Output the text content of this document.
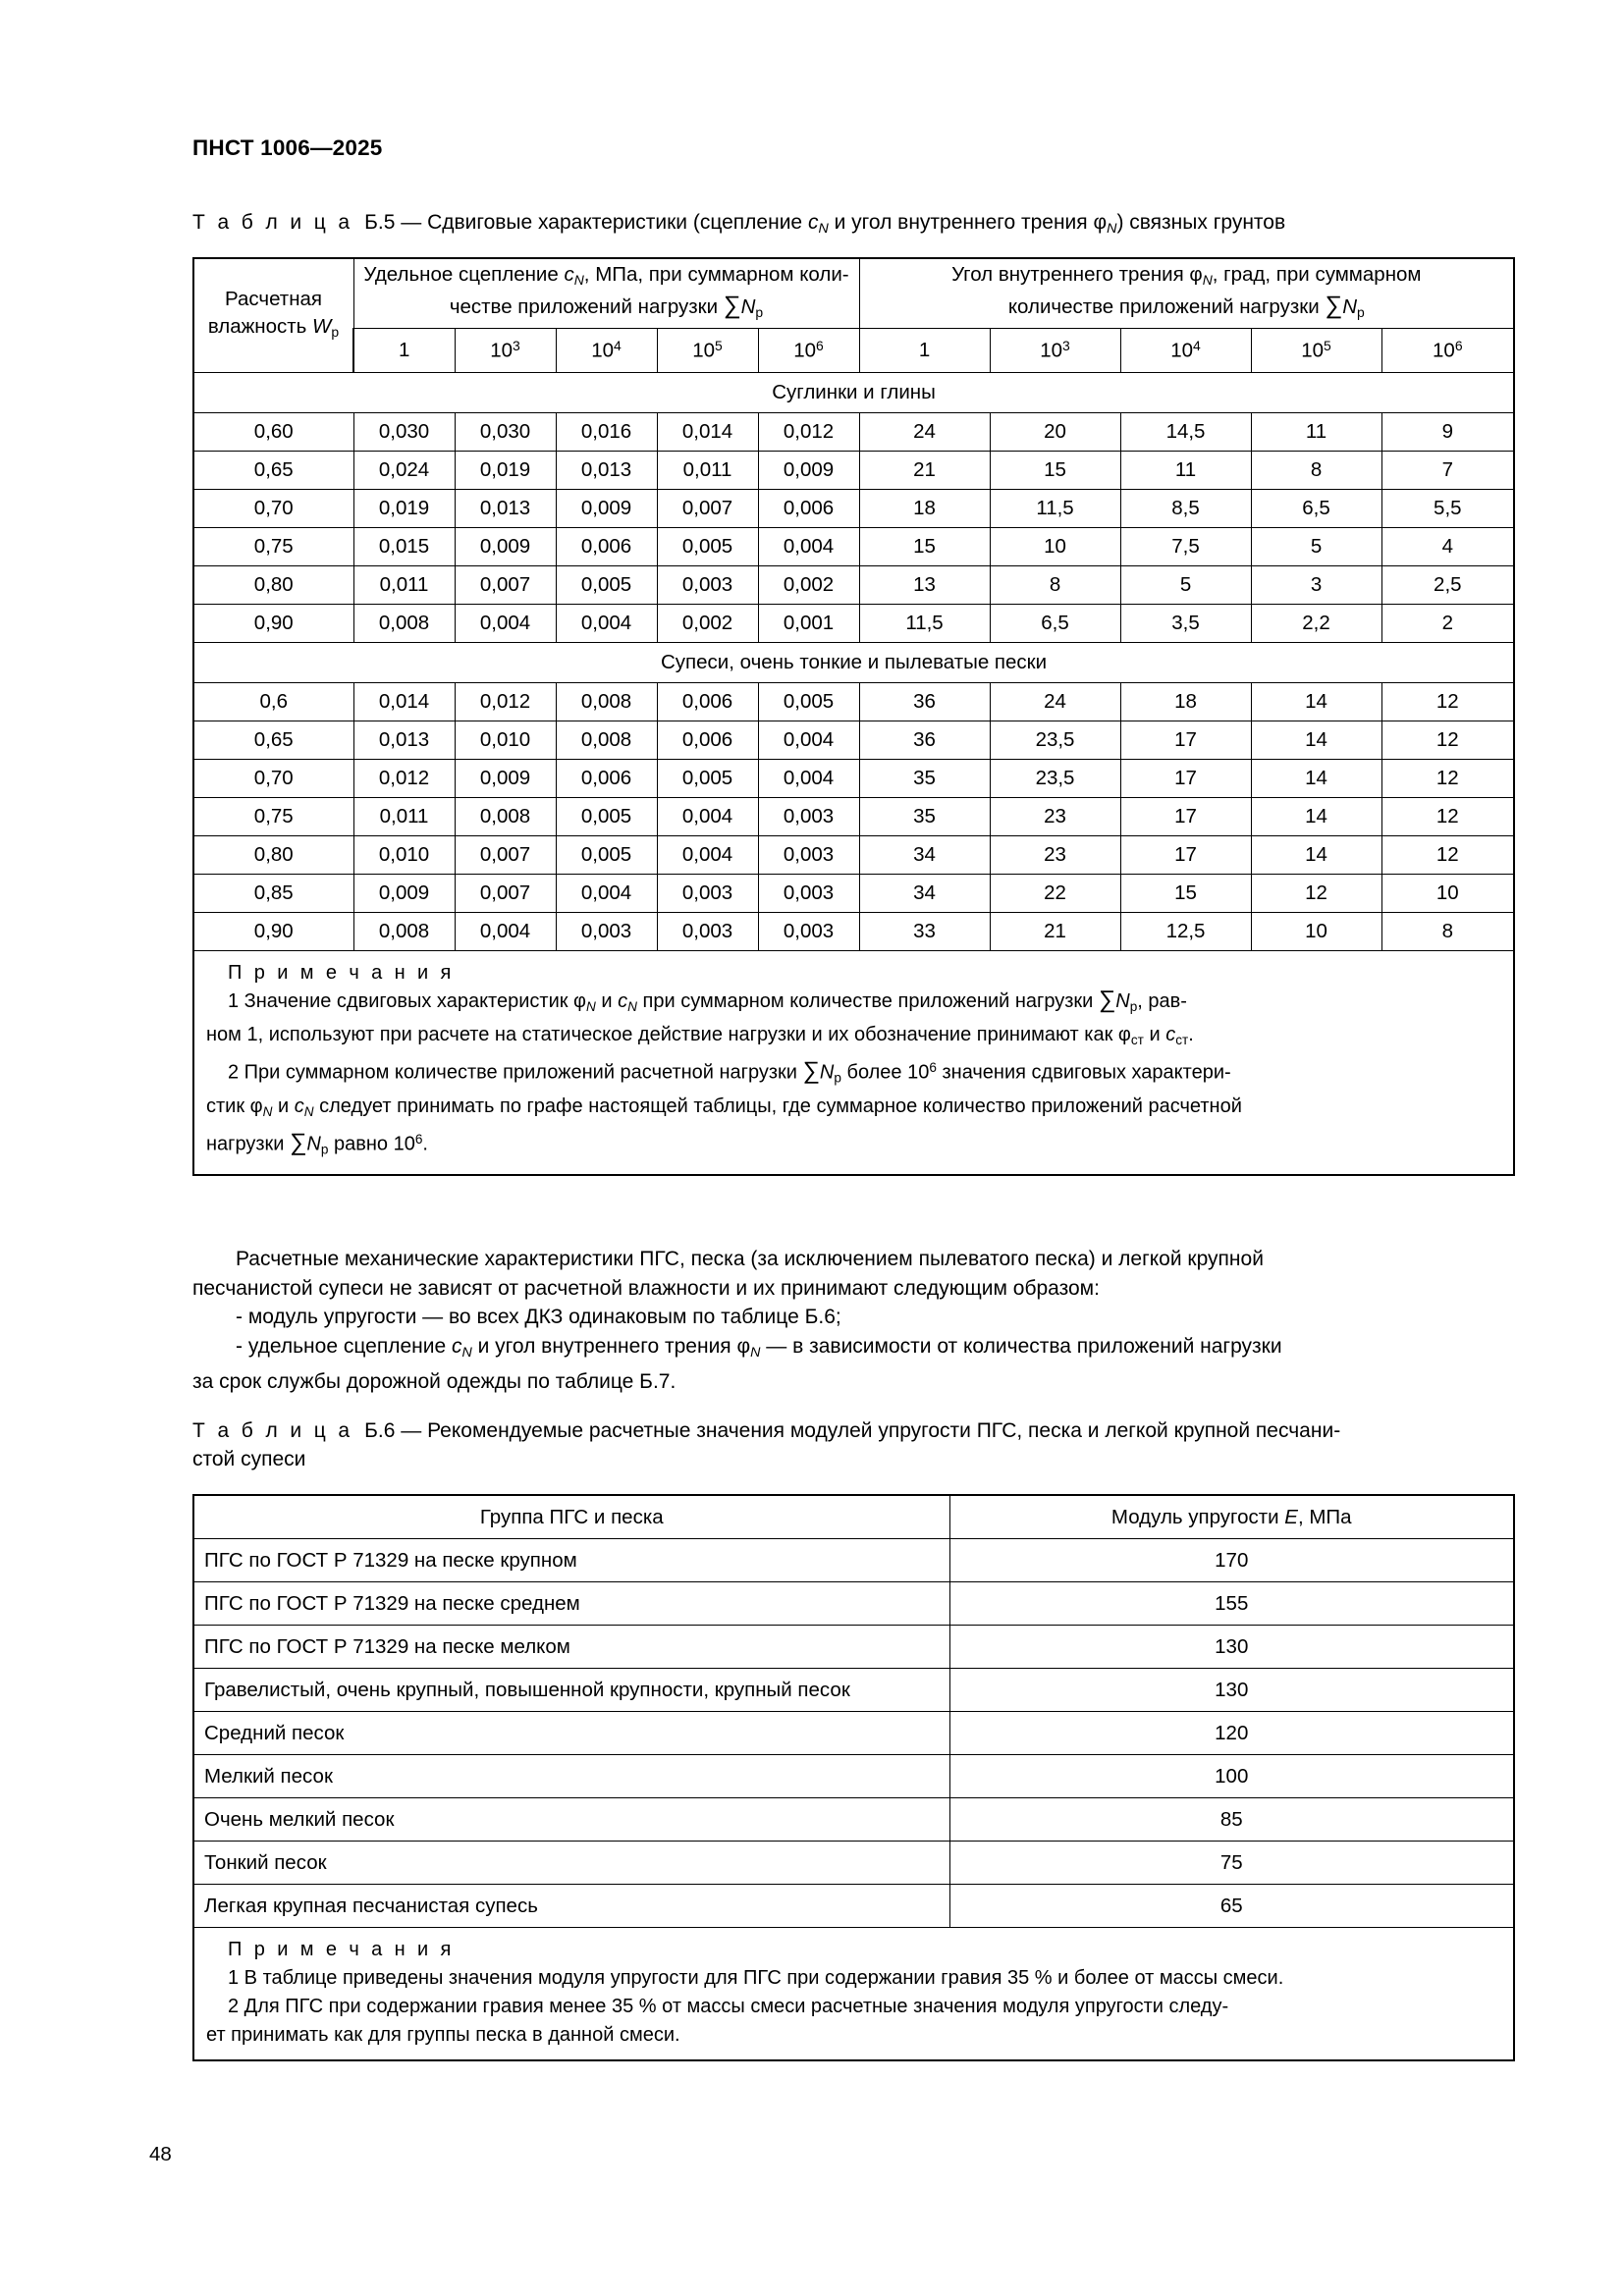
ПНСТ 1006—2025
Т а б л и ц а Б.5 — Сдвиговые характеристики (сцепление cN и угол внутреннего трения φN) связных грунтов
Расчетная
влажность $W_р$	Удельное сцепление cN, МПа, при суммарном коли-
честве приложений нагрузки $\sum N_р$					Угол внутреннего трения φN, град, при суммарном
количестве приложений нагрузки $\sum N_р$
	1	$10^3$	$10^4$	$10^5$	$10^6$	1	$10^3$	$10^4$	$10^5$	$10^6$
Суглинки и глины										
0,60	0,030	0,030	0,016	0,014	0,012	24	20	14,5	11	9
0,65	0,024	0,019	0,013	0,011	0,009	21	15	11	8	7
0,70	0,019	0,013	0,009	0,007	0,006	18	11,5	8,5	6,5	5,5
0,75	0,015	0,009	0,006	0,005	0,004	15	10	7,5	5	4
0,80	0,011	0,007	0,005	0,003	0,002	13	8	5	3	2,5
0,90	0,008	0,004	0,004	0,002	0,001	11,5	6,5	3,5	2,2	2
Супеси, очень тонкие и пылеватые пески										
0,6	0,014	0,012	0,008	0,006	0,005	36	24	18	14	12
0,65	0,013	0,010	0,008	0,006	0,004	36	23,5	17	14	12
0,70	0,012	0,009	0,006	0,005	0,004	35	23,5	17	14	12
0,75	0,011	0,008	0,005	0,004	0,003	35	23	17	14	12
0,80	0,010	0,007	0,005	0,004	0,003	34	23	17	14	12
0,85	0,009	0,007	0,004	0,003	0,003	34	22	15	12	10
0,90	0,008	0,004	0,003	0,003	0,003	33	21	12,5	10	8

П р и м е ч а н и я
1 Значение сдвиговых характеристик φN и cN при суммарном количестве приложений нагрузки $\sum N_р$, рав-
ном 1, используют при расчете на статическое действие нагрузки и их обозначение принимают как $\varphi_{ст}$ и $c_{ст}$.
2 При суммарном количестве приложений расчетной нагрузки $\sum N_р$ более $10^6$ значения сдвиговых характери-
стик φN и cN следует принимать по графе настоящей таблицы, где суммарное количество приложений расчетной
нагрузки $\sum N_р$ равно $10^6$.

Расчетные механические характеристики ПГС, песка (за исключением пылеватого песка) и легкой крупной
песчанистой супеси не зависят от расчетной влажности и их принимают следующим образом:

- модуль упругости — во всех ДКЗ одинаковым по таблице Б.6;

- удельное сцепление cN и угол внутреннего трения φN — в зависимости от количества приложений нагрузки
за срок службы дорожной одежды по таблице Б.7.

Т а б л и ц а Б.6 — Рекомендуемые расчетные значения модулей упругости ПГС, песка и легкой крупной песчани-
стой супеси
Группа ПГС и песка	Модуль упругости E, МПа
ПГС по ГОСТ Р 71329 на песке крупном	170
ПГС по ГОСТ Р 71329 на песке среднем	155
ПГС по ГОСТ Р 71329 на песке мелком	130
Гравелистый, очень крупный, повышенной крупности, крупный песок	130
Средний песок	120
Мелкий песок	100
Очень мелкий песок	85
Тонкий песок	75
Легкая крупная песчанистая супесь	65

П р и м е ч а н и я
1 В таблице приведены значения модуля упругости для ПГС при содержании гравия 35 % и более от массы смеси.
2 Для ПГС при содержании гравия менее 35 % от массы смеси расчетные значения модуля упругости следу-
ет принимать как для группы песка в данной смеси.	
48
